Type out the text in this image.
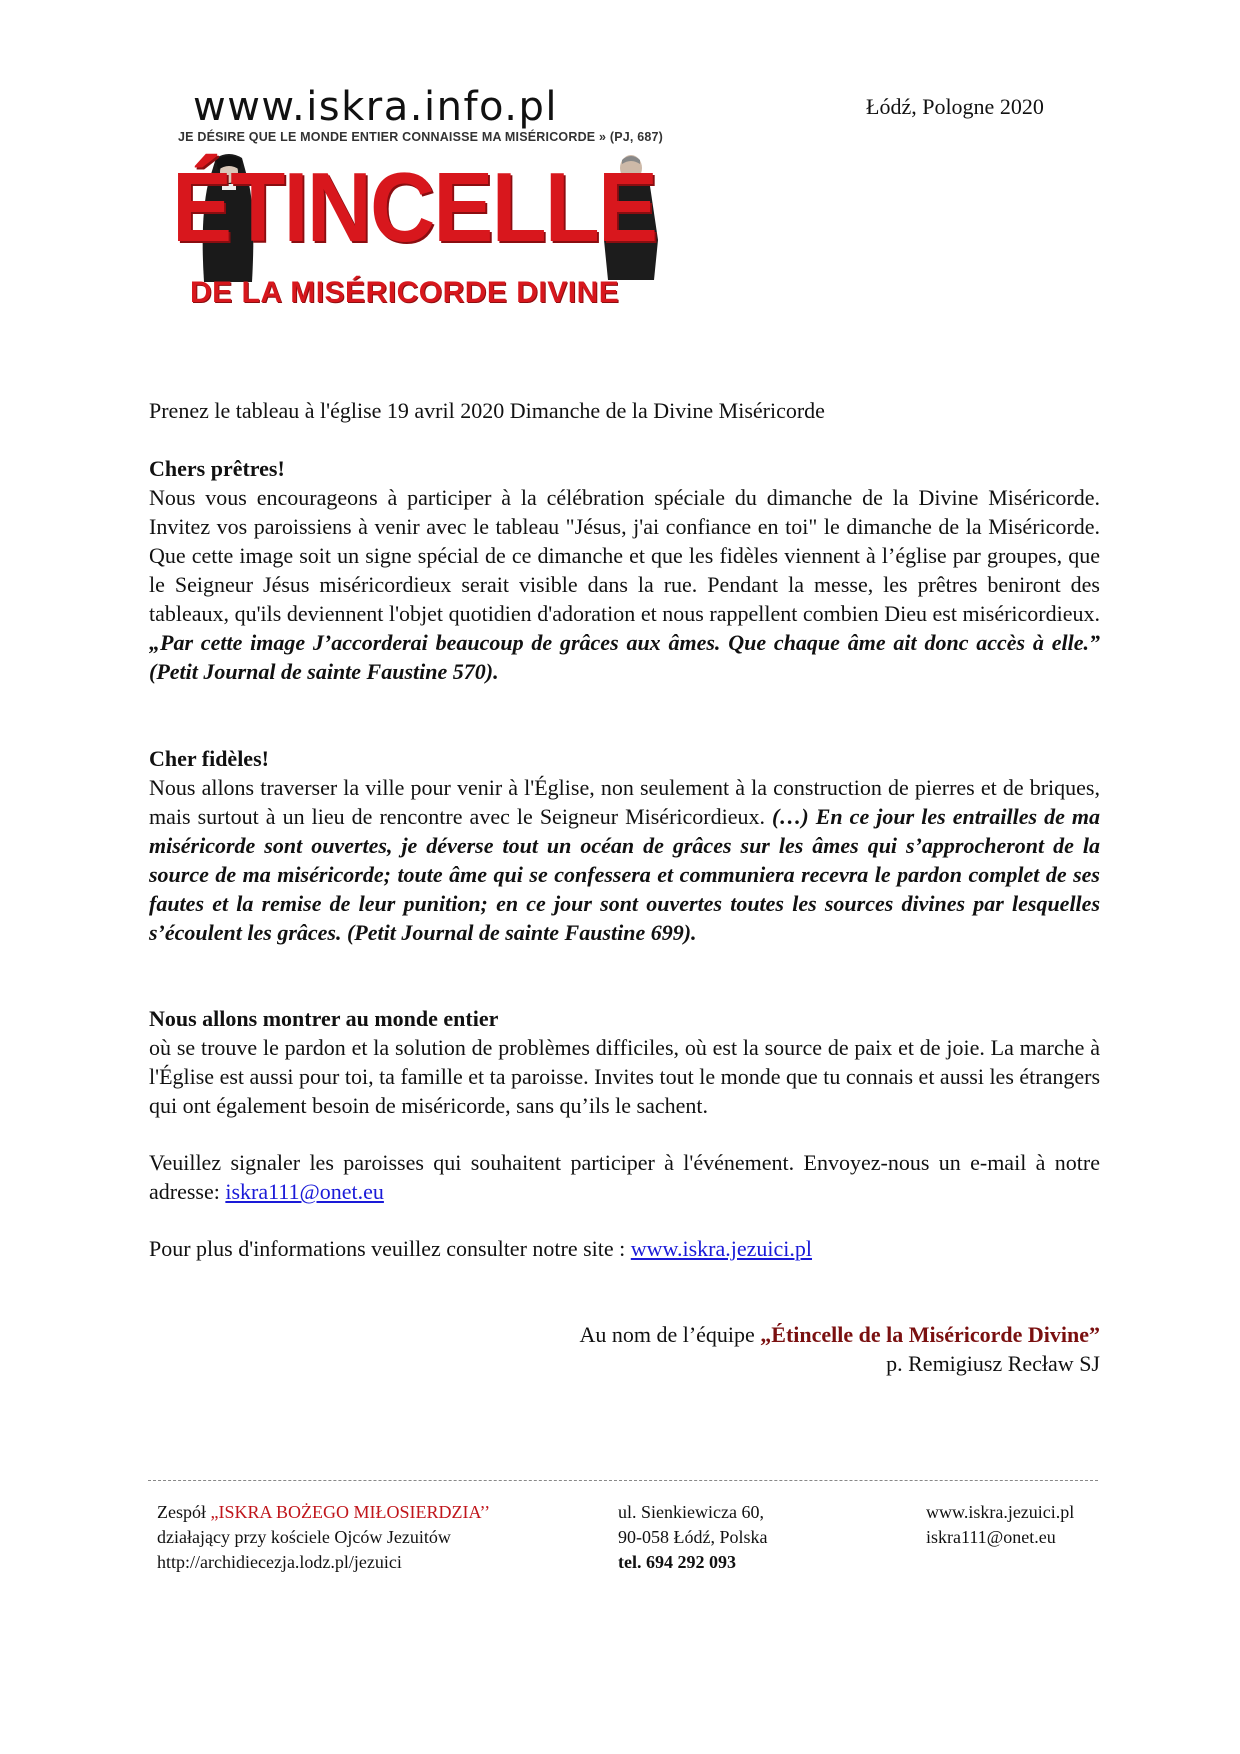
www.iskra.info.pl
JE DÉSIRE QUE LE MONDE ENTIER CONNAISSE MA MISÉRICORDE » (PJ, 687)
ÉTINCELLE
DE LA MISÉRICORDE DIVINE
Łódź, Pologne 2020
Prenez le tableau à l'église 19 avril 2020 Dimanche de la Divine Miséricorde
Chers prêtres!
Nous vous encourageons à participer à la célébration spéciale du dimanche de la Divine Miséricorde. Invitez vos paroissiens à venir avec le tableau "Jésus, j'ai confiance en toi" le dimanche de la Miséricorde. Que cette image soit un signe spécial de ce dimanche et que les fidèles viennent à l’église par groupes, que le Seigneur Jésus miséricordieux serait visible dans la rue. Pendant la messe, les prêtres beniront des tableaux, qu'ils deviennent l'objet quotidien d'adoration et nous rappellent combien Dieu est miséricordieux. „Par cette image J’accorderai beaucoup de grâces aux âmes. Que chaque âme ait donc accès à elle.” (Petit Journal de sainte Faustine 570).
Cher fidèles!
Nous allons traverser la ville pour venir à l'Église, non seulement à la construction de pierres et de briques, mais surtout à un lieu de rencontre avec le Seigneur Miséricordieux. (…) En ce jour les entrailles de ma miséricorde sont ouvertes, je déverse tout un océan de grâces sur les âmes qui s’approcheront de la source de ma miséricorde; toute âme qui se confessera et communiera recevra le pardon complet de ses fautes et la remise de leur punition; en ce jour sont ouvertes toutes les sources divines par lesquelles s’écoulent les grâces. (Petit Journal de sainte Faustine 699).
Nous allons montrer au monde entier
où se trouve le pardon et la solution de problèmes difficiles, où est la source de paix et de joie. La marche à l'Église est aussi pour toi, ta famille et ta paroisse. Invites tout le monde que tu connais et aussi les étrangers qui ont également besoin de miséricorde, sans qu’ils le sachent.
Veuillez signaler les paroisses qui souhaitent participer à l'événement. Envoyez-nous un e-mail à notre adresse: iskra111@onet.eu
Pour plus d'informations veuillez consulter notre site : www.iskra.jezuici.pl
Au nom de l’équipe „Étincelle de la Miséricorde Divine”
p. Remigiusz Recław SJ
Zespół „ISKRA BOŻEGO MIŁOSIERDZIA’’
działający przy kościele Ojców Jezuitów
http://archidiecezja.lodz.pl/jezuici
ul. Sienkiewicza 60,
90-058 Łódź, Polska
tel. 694 292 093
www.iskra.jezuici.pl
iskra111@onet.eu
